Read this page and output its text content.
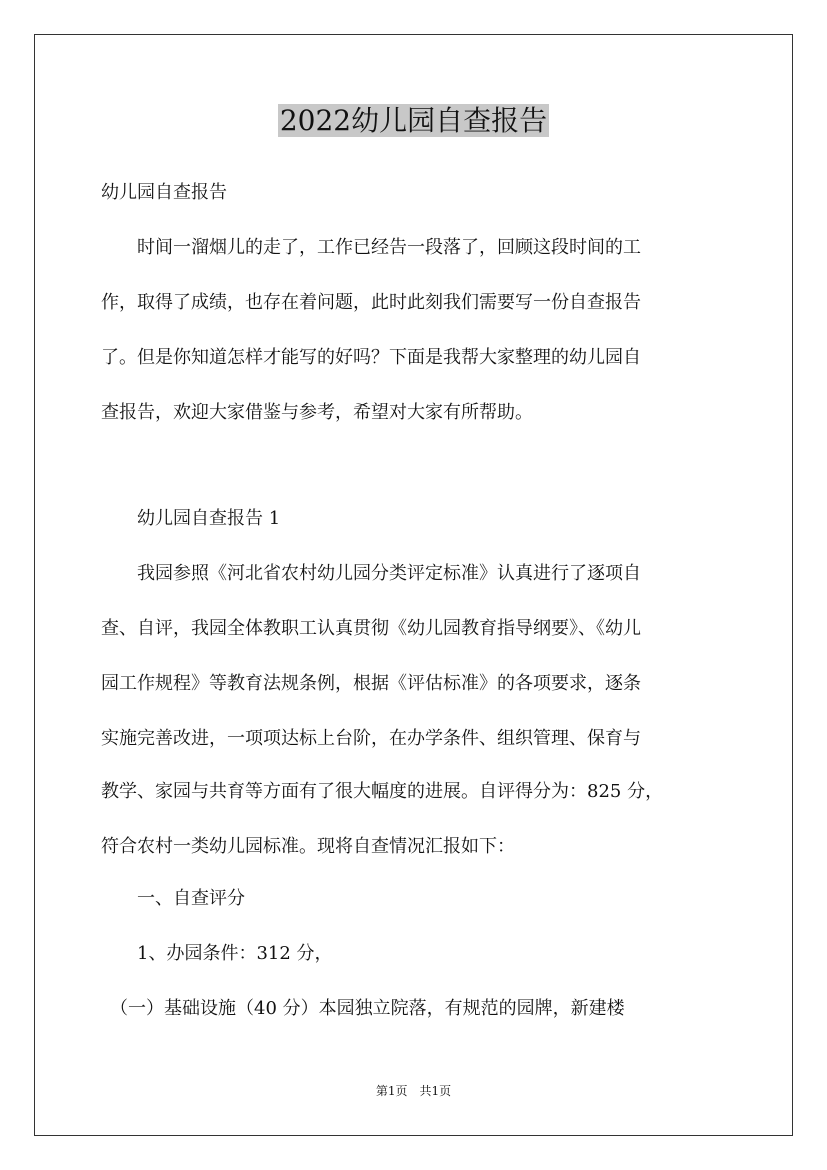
2022幼儿园自查报告
幼儿园自查报告
　　时间一溜烟儿的走了，工作已经告一段落了，回顾这段时间的工
作，取得了成绩，也存在着问题，此时此刻我们需要写一份自查报告
了。但是你知道怎样才能写的好吗？下面是我帮大家整理的幼儿园自
查报告，欢迎大家借鉴与参考，希望对大家有所帮助。
　　幼儿园自查报告 1
　　我园参照《河北省农村幼儿园分类评定标准》认真进行了逐项自
查、自评，我园全体教职工认真贯彻《幼儿园教育指导纲要》、《幼儿
园工作规程》等教育法规条例，根据《评估标准》的各项要求，逐条
实施完善改进，一项项达标上台阶，在办学条件、组织管理、保育与
教学、家园与共育等方面有了很大幅度的进展。自评得分为：825 分，
符合农村一类幼儿园标准。现将自查情况汇报如下：
　　一、自查评分
　　1、办园条件：312 分，
　（一）基础设施（40 分）本园独立院落，有规范的园牌，新建楼
第1页　共1页
